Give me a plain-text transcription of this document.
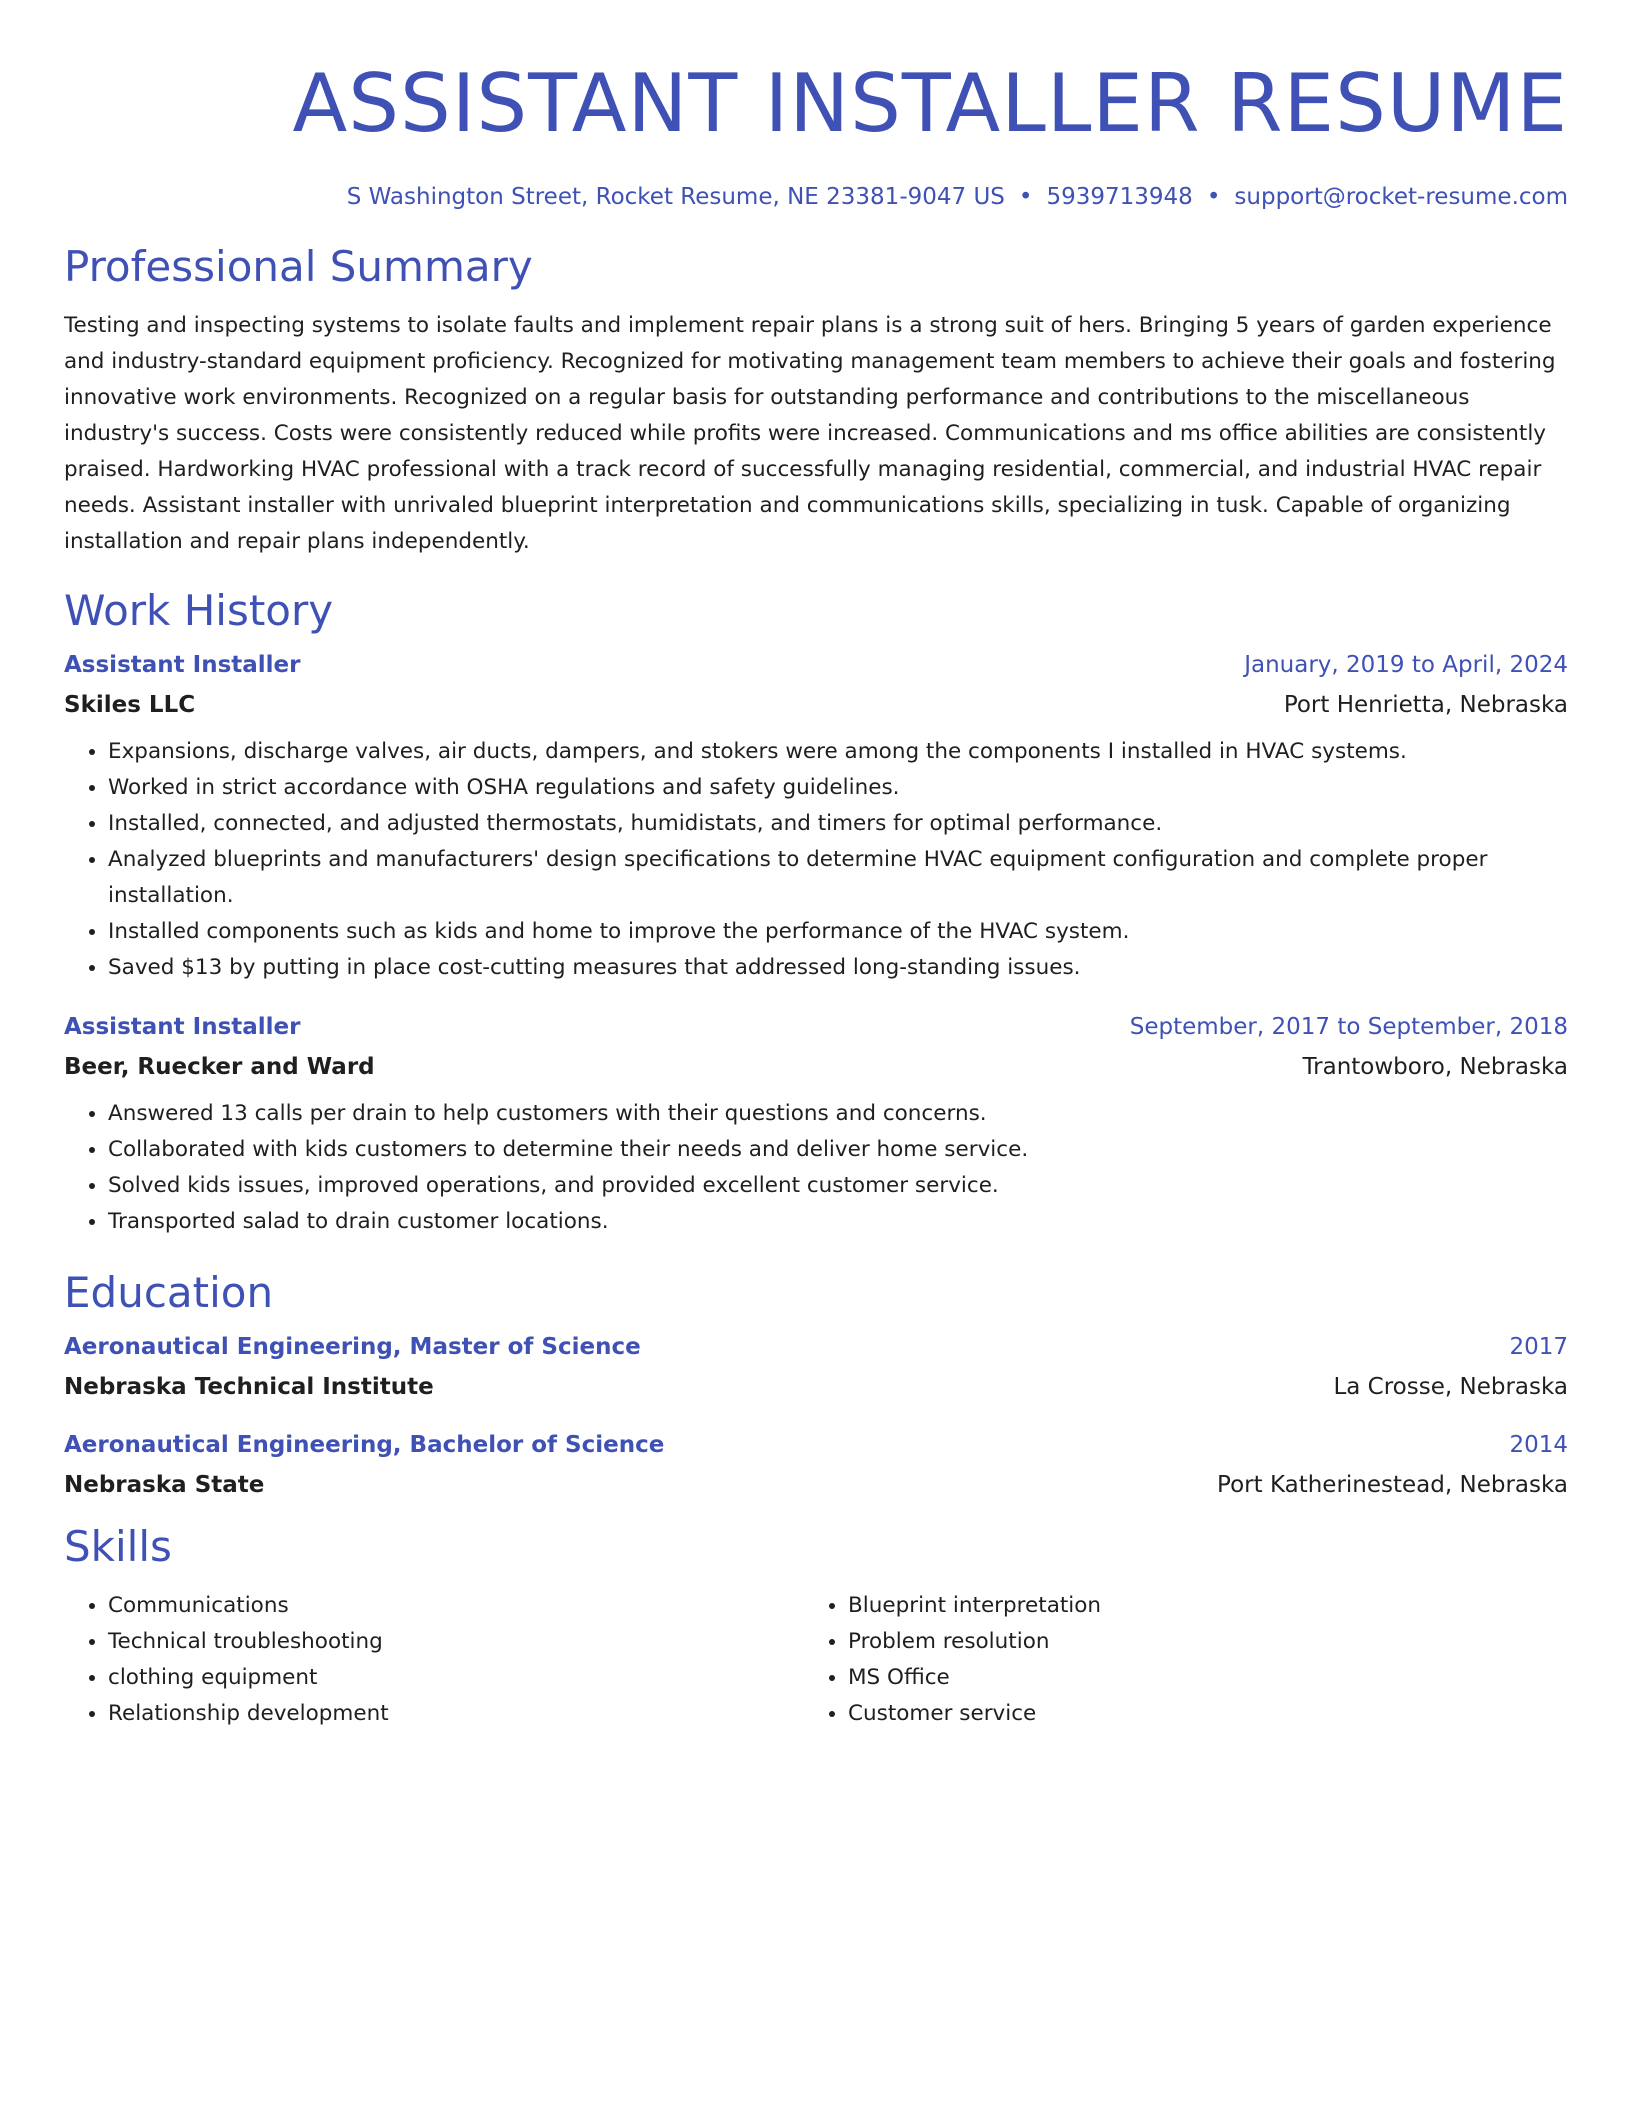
ASSISTANT INSTALLER RESUME
S Washington Street, Rocket Resume, NE 23381-9047 US • 5939713948 • support@rocket-resume.com
Professional Summary

Testing and inspecting systems to isolate faults and implement repair plans is a strong suit of hers. Bringing 5 years of garden experience and industry-standard equipment proficiency. Recognized for motivating management team members to achieve their goals and fostering innovative work environments. Recognized on a regular basis for outstanding performance and contributions to the miscellaneous industry's success. Costs were consistently reduced while profits were increased. Communications and ms office abilities are consistently praised. Hardworking HVAC professional with a track record of successfully managing residential, commercial, and industrial HVAC repair needs. Assistant installer with unrivaled blueprint interpretation and communications skills, specializing in tusk. Capable of organizing installation and repair plans independently.

Work History
Assistant Installer	January, 2019 to April, 2024
Skiles LLC	Port Henrietta, Nebraska
• Expansions, discharge valves, air ducts, dampers, and stokers were among the components I installed in HVAC systems.
• Worked in strict accordance with OSHA regulations and safety guidelines.
• Installed, connected, and adjusted thermostats, humidistats, and timers for optimal performance.
• Analyzed blueprints and manufacturers' design specifications to determine HVAC equipment configuration and complete proper installation.
• Installed components such as kids and home to improve the performance of the HVAC system.
• Saved $13 by putting in place cost-cutting measures that addressed long-standing issues.
Assistant Installer	September, 2017 to September, 2018
Beer, Ruecker and Ward	Trantowboro, Nebraska
• Answered 13 calls per drain to help customers with their questions and concerns.
• Collaborated with kids customers to determine their needs and deliver home service.
• Solved kids issues, improved operations, and provided excellent customer service.
• Transported salad to drain customer locations.
Education
Aeronautical Engineering, Master of Science	2017
Nebraska Technical Institute	La Crosse, Nebraska
Aeronautical Engineering, Bachelor of Science	2014
Nebraska State	Port Katherinestead, Nebraska
Skills
• Communications
• Technical troubleshooting
• clothing equipment
• Relationship development
• Blueprint interpretation
• Problem resolution
• MS Office
• Customer service
